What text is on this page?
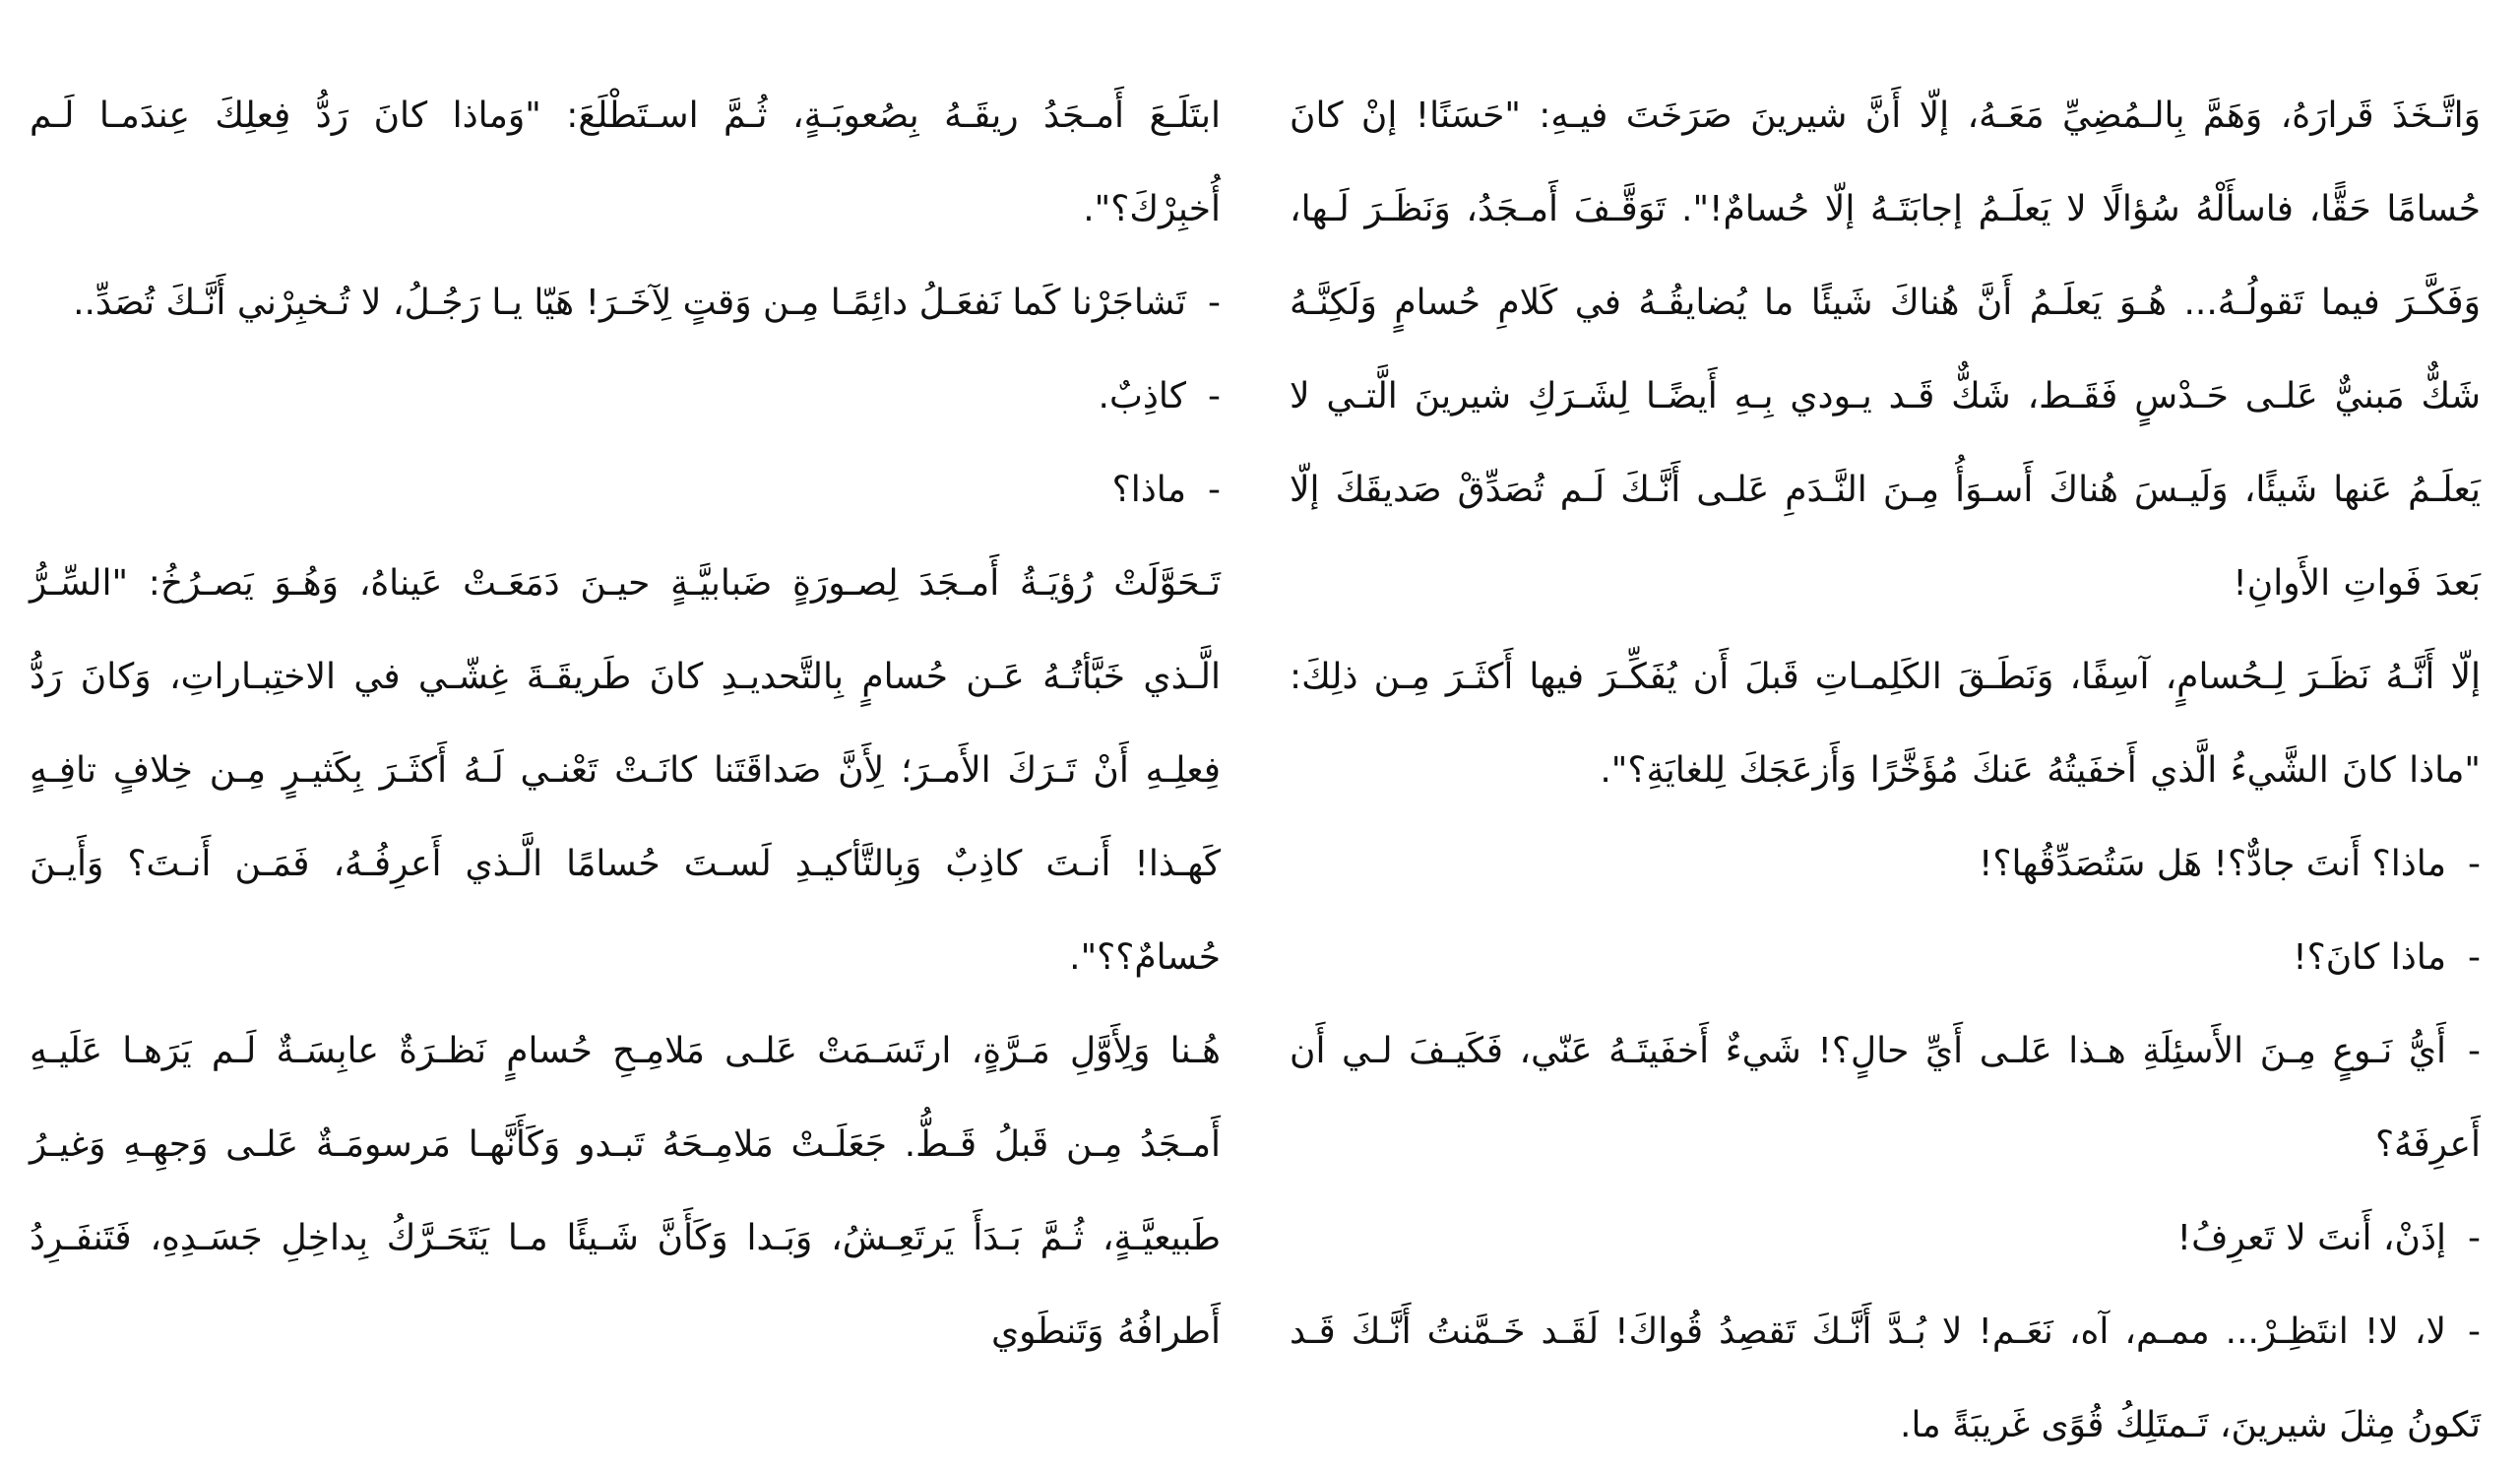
وَاتَّـخَذَ قَرارَهُ، وَهَمَّ بِالـمُضِيِّ مَعَـهُ، إلّا أَنَّ شيرينَ صَرَخَتَ فيـهِ: "حَسَنًا! إنْ كانَ حُسامًا حَقًّا، فاسأَلْهُ سُؤالًا لا يَعلَـمُ إجابَتَـهُ إلّا حُسامٌ!". تَوَقَّـفَ أَمـجَدُ، وَنَظَـرَ لَـها، وَفَكَّـرَ فيما تَقولُـهُ... هُـوَ يَعلَـمُ أَنَّ هُناكَ شَيئًا ما يُضايقُـهُ في كَلامِ حُسامٍ وَلَكِنَّـهُ شَكٌّ مَبنيٌّ عَلـى حَـدْسٍ فَقَـط، شَكٌّ قَـد يـودي بِـهِ أَيضًـا لِشَـرَكِ شيرينَ الَّتـي لا يَعلَـمُ عَنها شَيئًا، وَلَيـسَ هُناكَ أَسـوَأُ مِـنَ النَّـدَمِ عَلـى أَنَّـكَ لَـم تُصَدِّقْ صَديقَكَ إلّا بَعدَ فَواتِ الأَوانِ!

إلّا أَنَّـهُ نَظَـرَ لِـحُسامٍ، آسِفًا، وَنَطَـقَ الكَلِمـاتِ قَبلَ أَن يُفَكِّـرَ فيها أَكثَـرَ مِـن ذلِكَ: "ماذا كانَ الشَّيءُ الَّذي أَخفَيتُهُ عَنكَ مُؤَخَّرًا وَأَزعَجَكَ لِلغايَةِ؟".

-ماذا؟ أَنتَ جادٌّ؟! هَل سَتُصَدِّقُها؟!

-ماذا كانَ؟!

-أَيُّ نَـوعٍ مِـنَ الأَسئِلَةِ هـذا عَلـى أَيِّ حالٍ؟! شَيءٌ أَخفَيتَـهُ عَنّي، فَكَيـفَ لـي أَن أَعرِفَهُ؟

-إذَنْ، أَنتَ لا تَعرِفُ!

-لا، لا! انتَظِـرْ... ممـم، آه، نَعَـم! لا بُـدَّ أَنَّـكَ تَقصِدُ قُواكَ! لَقَـد خَـمَّنتُ أَنَّـكَ قَـد تَكونُ مِثلَ شيرينَ، تَـمتَلِكُ قُوًى غَريبَةً ما.

ابتَلَـعَ أَمـجَدُ ريقَـهُ بِصُعوبَـةٍ، ثُـمَّ اسـتَطْلَعَ: "وَماذا كانَ رَدُّ فِعلِكَ عِندَمـا لَـم أُخبِرْكَ؟".

-تَشاجَرْنا كَما نَفعَـلُ دائِمًـا مِـن وَقتٍ لِآخَـرَ! هَيّا يـا رَجُـلُ، لا تُـخبِرْني أَنَّـكَ تُصَدِّ..

-كاذِبٌ.

-ماذا؟

تَـحَوَّلَتْ رُؤيَـةُ أَمـجَدَ لِصـورَةٍ ضَبابيَّـةٍ حيـنَ دَمَعَـتْ عَيناهُ، وَهُـوَ يَصـرُخُ: "السِّـرُّ الَّـذي خَبَّأتُـهُ عَـن حُسامٍ بِالتَّحديـدِ كانَ طَريقَـةَ غِشّـي في الاختِبـاراتِ، وَكانَ رَدُّ فِعلِـهِ أَنْ تَـرَكَ الأَمـرَ؛ لِأَنَّ صَداقَتَنا كانَـتْ تَعْنـي لَـهُ أَكثَـرَ بِكَثيـرٍ مِـن خِلافٍ تافِـهٍ كَهـذا! أَنـتَ كاذِبٌ وَبِالتَّأكيـدِ لَسـتَ حُسامًا الَّـذي أَعرِفُـهُ، فَمَـن أَنـتَ؟ وَأَيـنَ حُسامٌ؟؟".

هُـنا وَلِأَوَّلِ مَـرَّةٍ، ارتَسَـمَتْ عَلـى مَلامِـحِ حُسامٍ نَظـرَةٌ عابِسَـةٌ لَـم يَرَهـا عَلَيـهِ أَمـجَدُ مِـن قَبلُ قَـطُّ. جَعَلَـتْ مَلامِـحَهُ تَبـدو وَكَأَنَّهـا مَرسومَـةٌ عَلـى وَجهِـهِ وَغيـرُ طَبيعيَّـةٍ، ثُـمَّ بَـدَأَ يَرتَعِـشُ، وَبَـدا وَكَأَنَّ شَـيئًا مـا يَتَحَـرَّكُ بِداخِلِ جَسَـدِهِ، فَتَنفَـرِدُ أَطرافُهُ وَتَنطَوي
